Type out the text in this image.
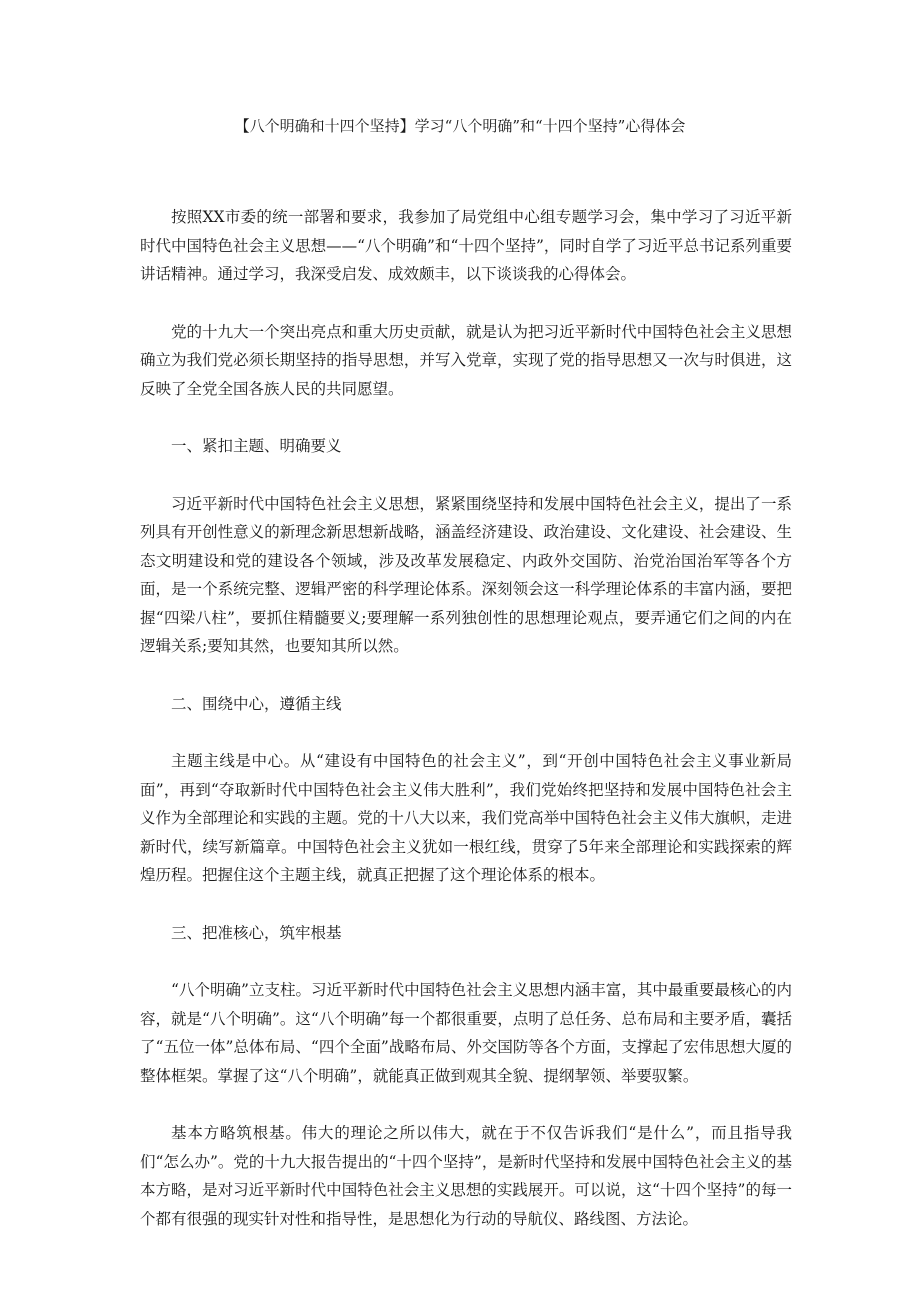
【八个明确和十四个坚持】学习“八个明确”和“十四个坚持”心得体会

按照XX市委的统一部署和要求，我参加了局党组中心组专题学习会，集中学习了习近平新时代中国特色社会主义思想——“八个明确”和“十四个坚持”，同时自学了习近平总书记系列重要讲话精神。通过学习，我深受启发、成效颇丰，以下谈谈我的心得体会。

党的十九大一个突出亮点和重大历史贡献，就是认为把习近平新时代中国特色社会主义思想确立为我们党必须长期坚持的指导思想，并写入党章，实现了党的指导思想又一次与时俱进，这反映了全党全国各族人民的共同愿望。

一、紧扣主题、明确要义

习近平新时代中国特色社会主义思想，紧紧围绕坚持和发展中国特色社会主义，提出了一系列具有开创性意义的新理念新思想新战略，涵盖经济建设、政治建设、文化建设、社会建设、生态文明建设和党的建设各个领域，涉及改革发展稳定、内政外交国防、治党治国治军等各个方面，是一个系统完整、逻辑严密的科学理论体系。深刻领会这一科学理论体系的丰富内涵，要把握“四梁八柱”，要抓住精髓要义;要理解一系列独创性的思想理论观点，要弄通它们之间的内在逻辑关系;要知其然，也要知其所以然。

二、围绕中心，遵循主线

主题主线是中心。从“建设有中国特色的社会主义”，到“开创中国特色社会主义事业新局面”，再到“夺取新时代中国特色社会主义伟大胜利”，我们党始终把坚持和发展中国特色社会主义作为全部理论和实践的主题。党的十八大以来，我们党高举中国特色社会主义伟大旗帜，走进新时代，续写新篇章。中国特色社会主义犹如一根红线，贯穿了5年来全部理论和实践探索的辉煌历程。把握住这个主题主线，就真正把握了这个理论体系的根本。

三、把准核心，筑牢根基

“八个明确”立支柱。习近平新时代中国特色社会主义思想内涵丰富，其中最重要最核心的内容，就是“八个明确”。这“八个明确”每一个都很重要，点明了总任务、总布局和主要矛盾，囊括了“五位一体”总体布局、“四个全面”战略布局、外交国防等各个方面，支撑起了宏伟思想大厦的整体框架。掌握了这“八个明确”，就能真正做到观其全貌、提纲挈领、举要驭繁。

基本方略筑根基。伟大的理论之所以伟大，就在于不仅告诉我们“是什么”，而且指导我们“怎么办”。党的十九大报告提出的“十四个坚持”，是新时代坚持和发展中国特色社会主义的基本方略，是对习近平新时代中国特色社会主义思想的实践展开。可以说，这“十四个坚持”的每一个都有很强的现实针对性和指导性，是思想化为行动的导航仪、路线图、方法论。
